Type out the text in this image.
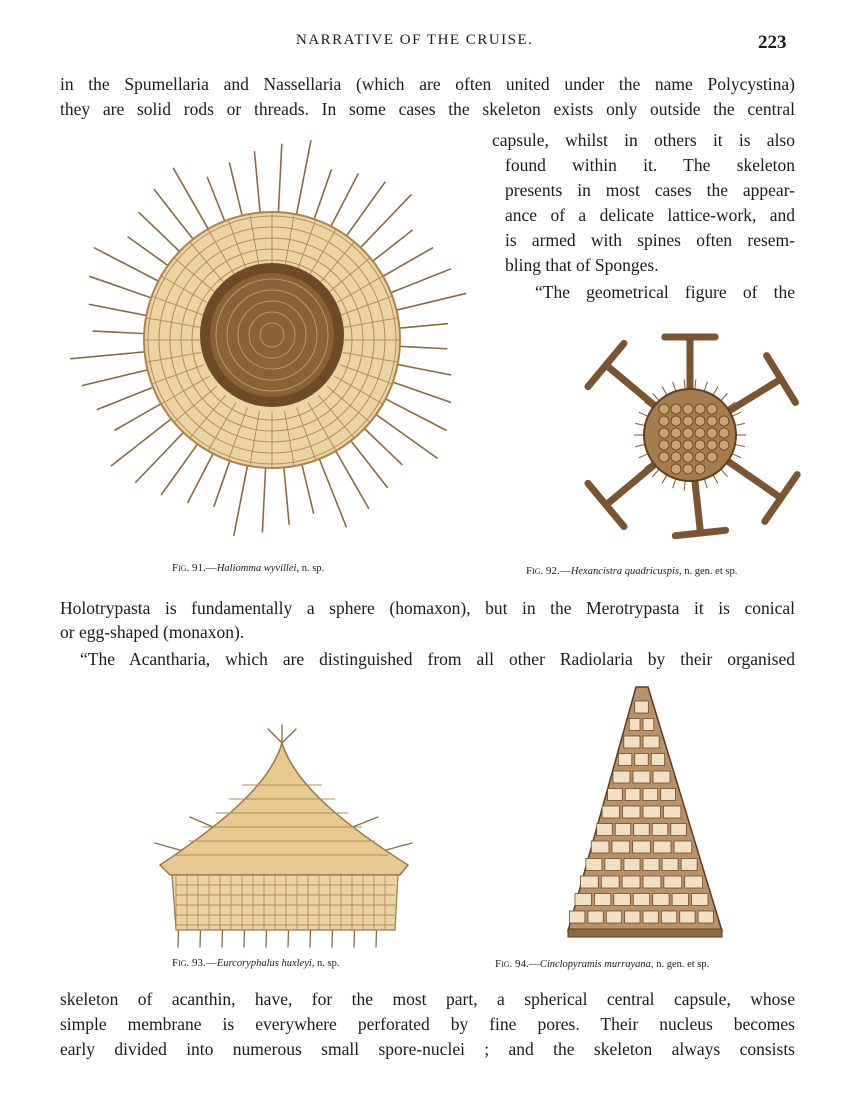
NARRATIVE OF THE CRUISE.	223
in the Spumellaria and Nassellaria (which are often united under the name Polycystina)
they are solid rods or threads. In some cases the skeleton exists only outside the central
capsule, whilst in others it is also
found within it. The skeleton
presents in most cases the appear-
ance of a delicate lattice-work, and
is armed with spines often resem-
bling that of Sponges.
“The geometrical figure of the
Fig. 91.—Haliomma wyvillei, n. sp.	Fig. 92.—Hexancistra quadricuspis, n. gen. et sp.
Holotrypasta is fundamentally a sphere (homaxon), but in the Merotrypasta it is conical
or egg-shaped (monaxon).
“The Acantharia, which are distinguished from all other Radiolaria by their organised
Fig. 93.—Eurcoryphalus huxleyi, n. sp.	Fig. 94.—Cinclopyramis murrayana, n. gen. et sp.
skeleton of acanthin, have, for the most part, a spherical central capsule, whose
simple membrane is everywhere perforated by fine pores. Their nucleus becomes
early divided into numerous small spore-nuclei ; and the skeleton always consists
